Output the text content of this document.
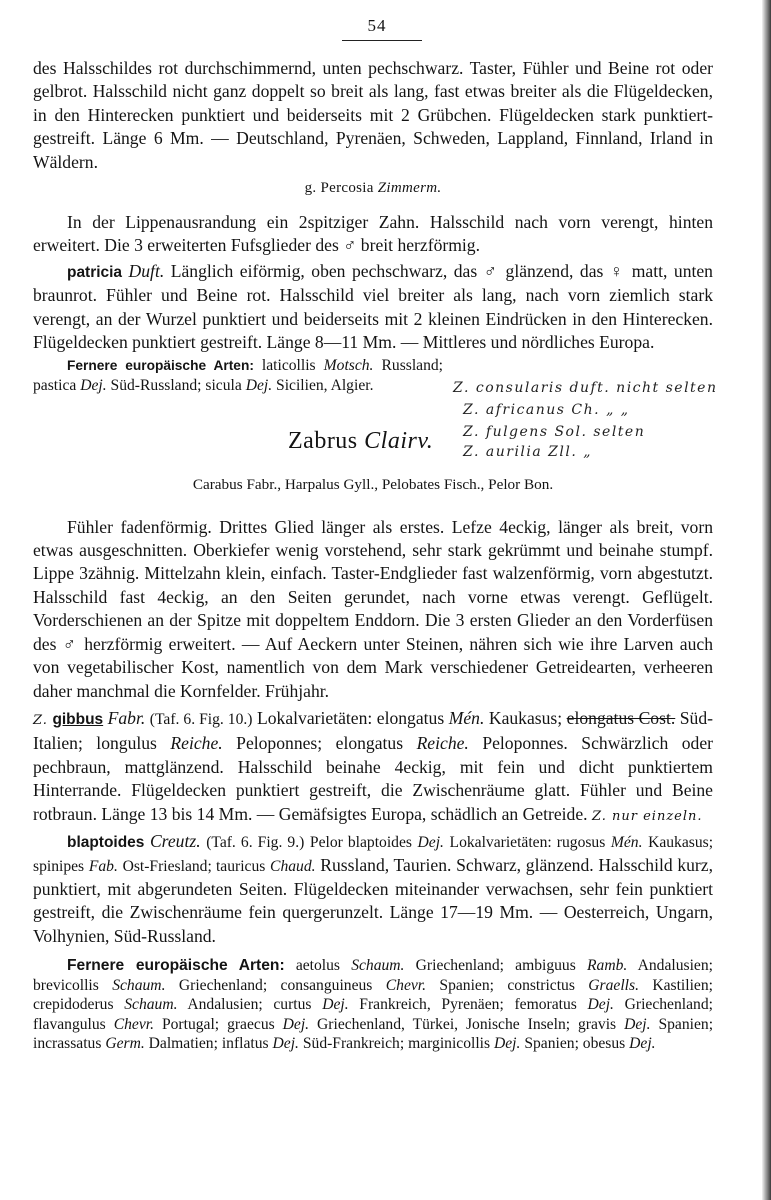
54

des Halsschildes rot durchschimmernd, unten pechschwarz. Taster, Fühler und Beine rot oder gelbrot. Halsschild nicht ganz doppelt so breit als lang, fast etwas breiter als die Flügeldecken, in den Hinterecken punktiert und beiderseits mit 2 Grübchen. Flügeldecken stark punktiert-gestreift. Länge 6 Mm. — Deutschland, Pyrenäen, Schweden, Lappland, Finnland, Irland in Wäldern.

g. Percosia Zimmerm.

In der Lippenausrandung ein 2spitziger Zahn. Halsschild nach vorn verengt, hinten erweitert. Die 3 erweiterten Fufsglieder des ♂ breit herzförmig.

patricia Duft. Länglich eiförmig, oben pechschwarz, das ♂ glänzend, das ♀ matt, unten braunrot. Fühler und Beine rot. Halsschild viel breiter als lang, nach vorn ziemlich stark verengt, an der Wurzel punktiert und beiderseits mit 2 kleinen Eindrücken in den Hinterecken. Flügeldecken punktiert gestreift. Länge 8—11 Mm. — Mittleres und nördliches Europa.

Fernere europäische Arten: laticollis Motsch. Russland; pastica Dej. Süd-Russland; sicula Dej. Sicilien, Algier.

Zabrus Clairv.
Z. consularis duft. nicht selten
Z. africanus Ch. „ „
Z. fulgens Sol. selten
Z. aurilia Zll. „
Carabus Fabr., Harpalus Gyll., Pelobates Fisch., Pelor Bon.

Fühler fadenförmig. Drittes Glied länger als erstes. Lefze 4eckig, länger als breit, vorn etwas ausgeschnitten. Oberkiefer wenig vorstehend, sehr stark gekrümmt und beinahe stumpf. Lippe 3zähnig. Mittelzahn klein, einfach. Taster-Endglieder fast walzenförmig, vorn abgestutzt. Halsschild fast 4eckig, an den Seiten gerundet, nach vorne etwas verengt. Geflügelt. Vorderschienen an der Spitze mit doppeltem Enddorn. Die 3 ersten Glieder an den Vorderfüsen des ♂ herzförmig erweitert. — Auf Aeckern unter Steinen, nähren sich wie ihre Larven auch von vegetabilischer Kost, namentlich von dem Mark verschiedener Getreidearten, verheeren daher manchmal die Kornfelder. Frühjahr.

Z. gibbus Fabr. (Taf. 6. Fig. 10.) Lokalvarietäten: elongatus Mén. Kaukasus; elongatus Cost. Süd-Italien; longulus Reiche. Peloponnes; elongatus Reiche. Peloponnes. Schwärzlich oder pechbraun, mattglänzend. Halsschild beinahe 4eckig, mit fein und dicht punktiertem Hinterrande. Flügeldecken punktiert gestreift, die Zwischenräume glatt. Fühler und Beine rotbraun. Länge 13 bis 14 Mm. — Gemäfsigtes Europa, schädlich an Getreide. Z. nur einzeln.

blaptoides Creutz. (Taf. 6. Fig. 9.) Pelor blaptoides Dej. Lokalvarietäten: rugosus Mén. Kaukasus; spinipes Fab. Ost-Friesland; tauricus Chaud. Russland, Taurien. Schwarz, glänzend. Halsschild kurz, punktiert, mit abgerundeten Seiten. Flügeldecken miteinander verwachsen, sehr fein punktiert gestreift, die Zwischenräume fein quergerunzelt. Länge 17—19 Mm. — Oesterreich, Ungarn, Volhynien, Süd-Russland.

Fernere europäische Arten: aetolus Schaum. Griechenland; ambiguus Ramb. Andalusien; brevicollis Schaum. Griechenland; consanguineus Chevr. Spanien; constrictus Graells. Kastilien; crepidoderus Schaum. Andalusien; curtus Dej. Frankreich, Pyrenäen; femoratus Dej. Griechenland; flavangulus Chevr. Portugal; graecus Dej. Griechenland, Türkei, Jonische Inseln; gravis Dej. Spanien; incrassatus Germ. Dalmatien; inflatus Dej. Süd-Frankreich; marginicollis Dej. Spanien; obesus Dej.
